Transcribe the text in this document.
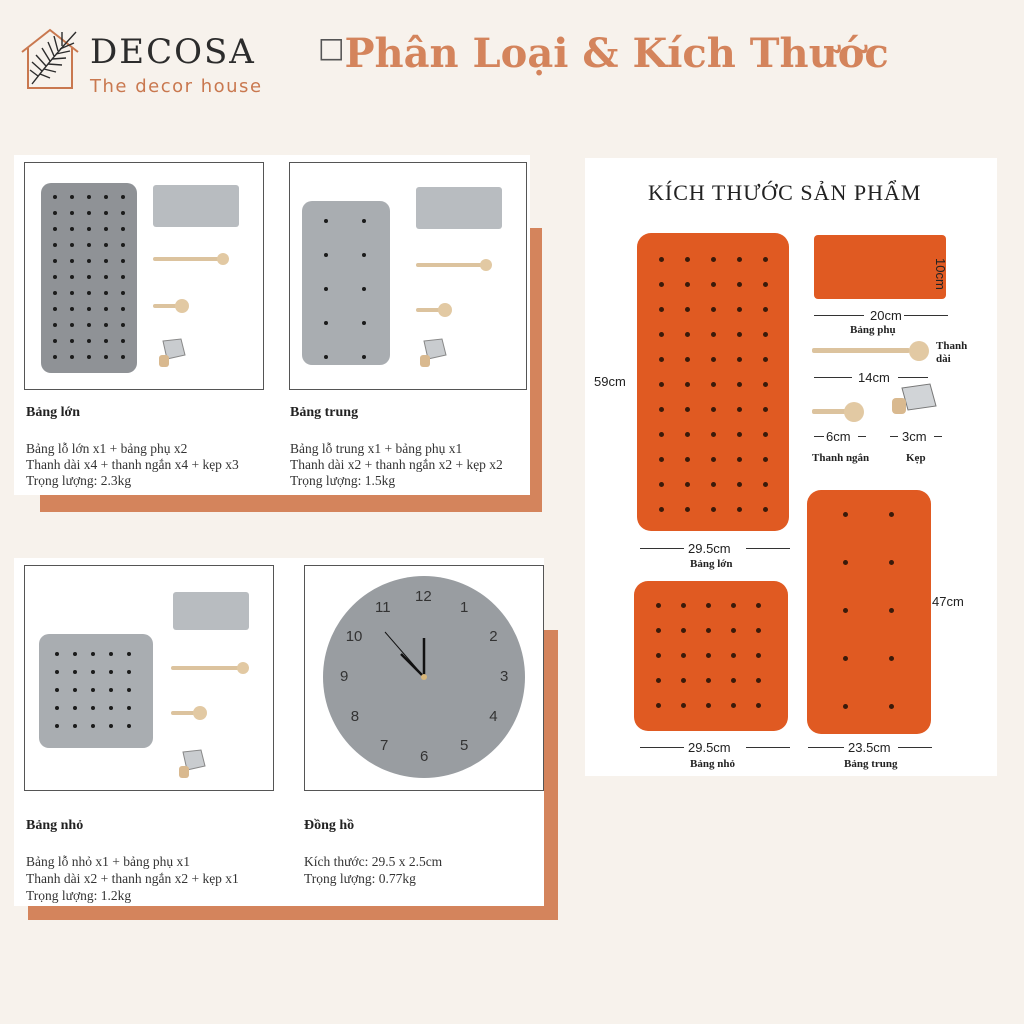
DECOSA
The decor house
□Phân Loại & Kích Thước
Bảng lớn
Bảng lỗ lớn x1 + bảng phụ x2
Thanh dài x4 + thanh ngắn x4 + kẹp x3
Trọng lượng: 2.3kg
Bảng trung
Bảng lỗ trung x1 + bảng phụ x1
Thanh dài x2 + thanh ngắn x2 + kẹp x2
Trọng lượng: 1.5kg
12
1
2
3
4
5
6
7
8
9
10
11
Bảng nhỏ
Bảng lỗ nhỏ x1 + bảng phụ x1
Thanh dài x2 + thanh ngắn x2 + kẹp x1
Trọng lượng: 1.2kg
Đồng hồ
Kích thước: 29.5 x 2.5cm
Trọng lượng: 0.77kg
KÍCH THƯỚC SẢN PHẨM
59cm
29.5cm
Bảng lớn
10cm
20cm
Bảng phụ
Thanh dài
14cm
6cm
Thanh ngắn
3cm
Kẹp
29.5cm
Bảng nhỏ
47cm
23.5cm
Bảng trung
